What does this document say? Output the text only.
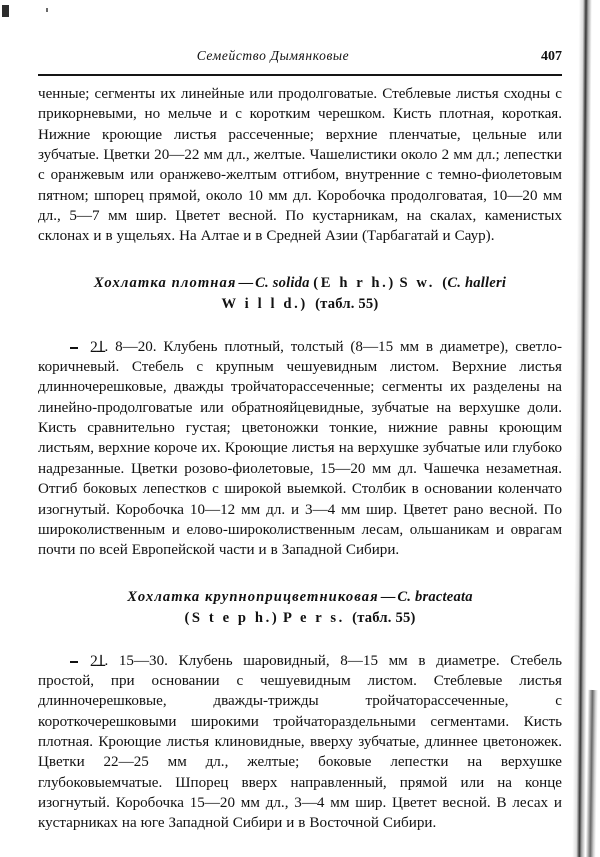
Семейство Дымянковые	407

ченные; сегменты их линейные или продолговатые. Стеблевые листья сходны с прикорневыми, но мельче и с коротким черешком. Кисть плотная, короткая. Нижние кроющие листья рассеченные; верхние пленчатые, цельные или зубчатые. Цветки 20—22 мм дл., желтые. Чашелистики около 2 мм дл.; лепестки с оранжевым или оранжево-желтым отгибом, внутренние с темно-фиолетовым пятном; шпорец прямой, около 10 мм дл. Коробочка продолговатая, 10—20 мм дл., 5—7 мм шир. Цветет весной. По кустарникам, на скалах, каменистых склонах и в ущельях. На Алтае и в Средней Азии (Тарбагатай и Саур).

Хохлатка плотная — C. solida (E h r h.) S w. (C. halleri
W i l l d.) (табл. 55)

2Ʇ
. 8—20. Клубень плотный, толстый (8—15 мм в диаметре), светло-коричневый. Стебель с крупным чешуевидным листом. Верхние листья длинночерешковые, дважды тройчаторассеченные; сегменты их разделены на линейно-продолговатые или обратнояйцевидные, зубчатые на верхушке доли. Кисть сравнительно густая; цветоножки тонкие, нижние равны кроющим листьям, верхние короче их. Кроющие листья на верхушке зубчатые или глубоко надрезанные. Цветки розово-фиолетовые, 15—20 мм дл. Чашечка незаметная. Отгиб боковых лепестков с широкой выемкой. Столбик в основании коленчато изогнутый. Коробочка 10—12 мм дл. и 3—4 мм шир. Цветет рано весной. По широколиственным и елово-широколиственным лесам, ольшаникам и оврагам почти по всей Европейской части и в Западной Сибири.

Хохлатка крупноприцветниковая — C. bracteata
(S t e p h.) P e r s. (табл. 55)

2Ʇ
. 15—30. Клубень шаровидный, 8—15 мм в диаметре. Стебель простой, при основании с чешуевидным листом. Стеблевые листья длинночерешковые, дважды-трижды тройчаторассеченные, с короткочерешковыми широкими тройчатораздельными сегментами. Кисть плотная. Кроющие листья клиновидные, вверху зубчатые, длиннее цветоножек. Цветки 22—25 мм дл., желтые; боковые лепестки на верхушке глубоковыемчатые. Шпорец вверх направленный, прямой или на конце изогнутый. Коробочка 15—20 мм дл., 3—4 мм шир. Цветет весной. В лесах и кустарниках на юге Западной Сибири и в Восточной Сибири.
